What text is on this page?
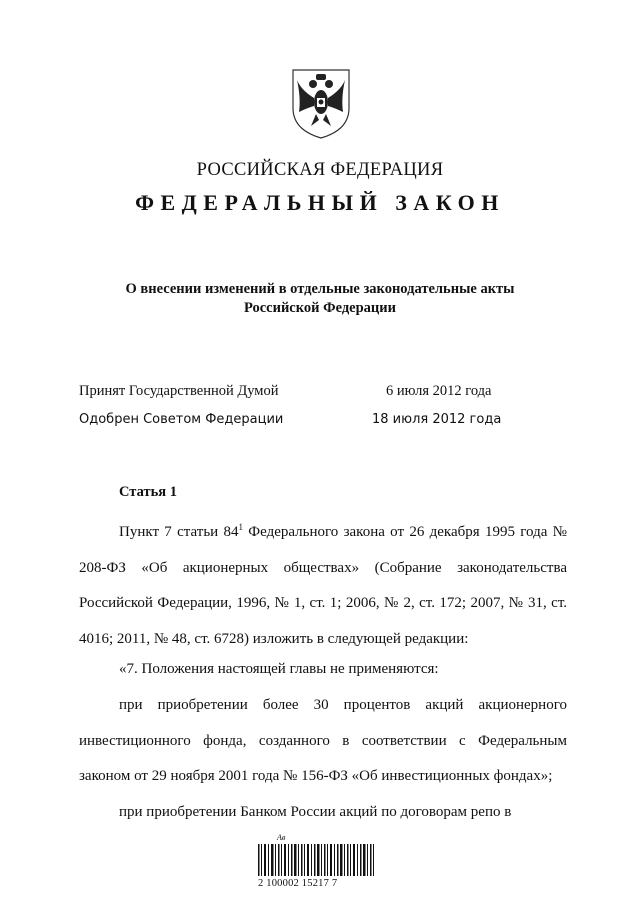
РОССИЙСКАЯ ФЕДЕРАЦИЯ
ФЕДЕРАЛЬНЫЙ ЗАКОН
О внесении изменений в отдельные законодательные акты
Российской Федерации
Принят Государственной Думой	6 июля 2012 года
Одобрен Советом Федерации	18 июля 2012 года
Статья 1

Пункт 7 статьи $84^1$ Федерального закона от 26 декабря 1995 года № 208-ФЗ «Об акционерных обществах» (Собрание законодательства Российской Федерации, 1996, № 1, ст. 1; 2006, № 2, ст. 172; 2007, № 31, ст. 4016; 2011, № 48, ст. 6728) изложить в следующей редакции:

«7. Положения настоящей главы не применяются:

при приобретении более 30 процентов акций акционерного инвестиционного фонда, созданного в соответствии с Федеральным законом от 29 ноября 2001 года № 156-ФЗ «Об инвестиционных фондах»;

при приобретении Банком России акций по договорам репо в

Ав
2 100002 15217 7
